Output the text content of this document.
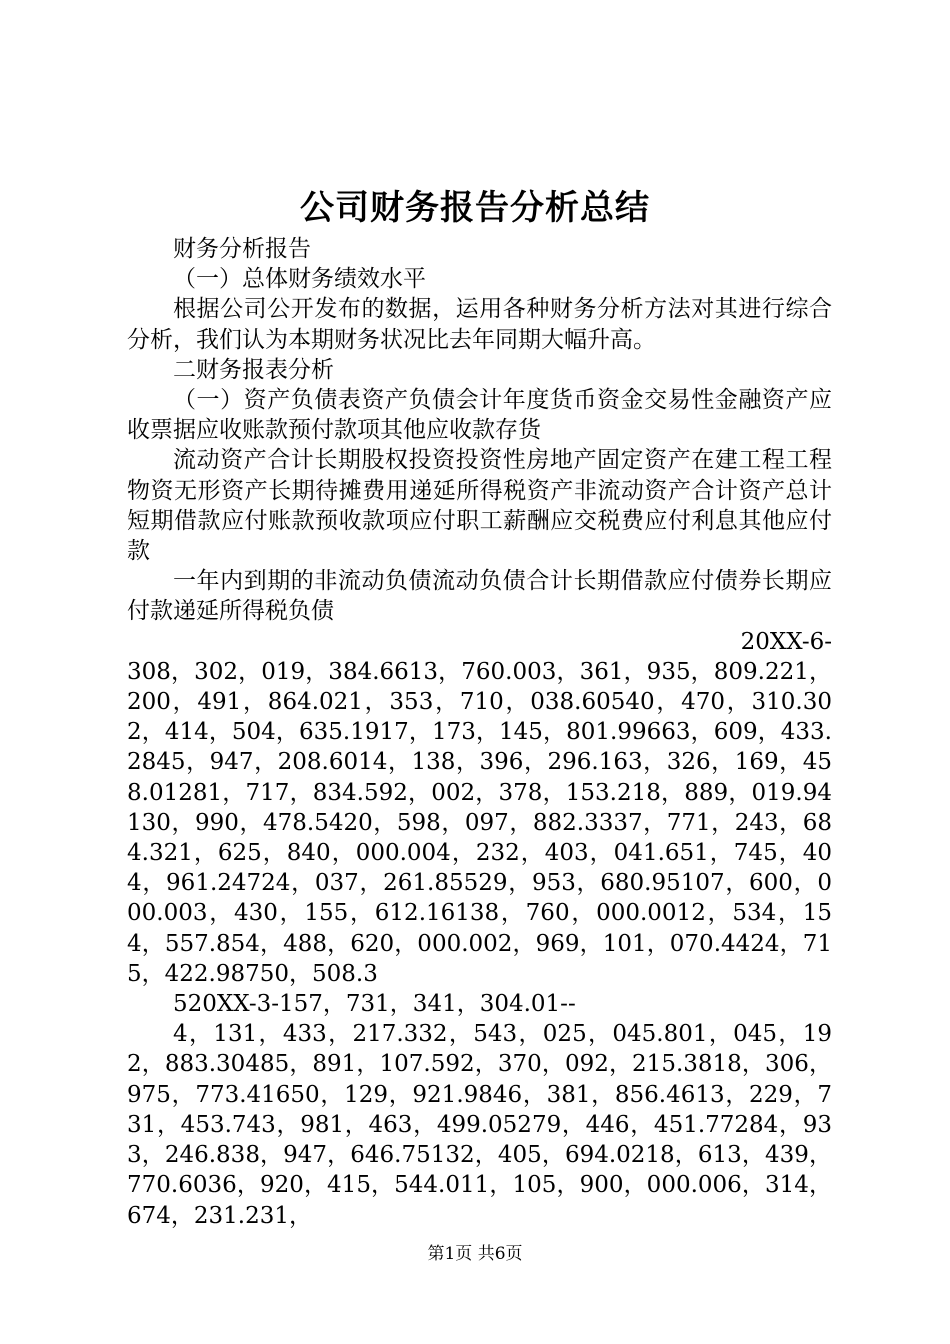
公司财务报告分析总结

财务分析报告

（一）总体财务绩效水平

根据公司公开发布的数据，运用各种财务分析方法对其进行综合分析，我们认为本期财务状况比去年同期大幅升高。

二财务报表分析

（一）资产负债表资产负债会计年度货币资金交易性金融资产应收票据应收账款预付款项其他应收款存货

流动资产合计长期股权投资投资性房地产固定资产在建工程工程物资无形资产长期待摊费用递延所得税资产非流动资产合计资产总计短期借款应付账款预收款项应付职工薪酬应交税费应付利息其他应付款

一年内到期的非流动负债流动负债合计长期借款应付债券长期应付款递延所得税负债

20XX-6-

308，302，019，384.6613，760.003，361，935，809.221，200，491，864.021，353，710，038.60540，470，310.302，414，504，635.1917，173，145，801.99663，609，433.2845，947，208.6014，138，396，296.163，326，169，458.01281，717，834.592，002，378，153.218，889，019.94130，990，478.5420，598，097，882.3337，771，243，684.321，625，840，000.004，232，403，041.651，745，404，961.24724，037，261.85529，953，680.95107，600，000.003，430，155，612.16138，760，000.0012，534，154，557.854，488，620，000.002，969，101，070.4424，715，422.98750，508.3

520XX-3-157，731，341，304.01--

4，131，433，217.332，543，025，045.801，045，192，883.30485，891，107.592，370，092，215.3818，306，975，773.41650，129，921.9846，381，856.4613，229，731，453.743，981，463，499.05279，446，451.77284，933，246.838，947，646.75132，405，694.0218，613，439，770.6036，920，415，544.011，105，900，000.006，314，674，231.231，

第1页 共6页
